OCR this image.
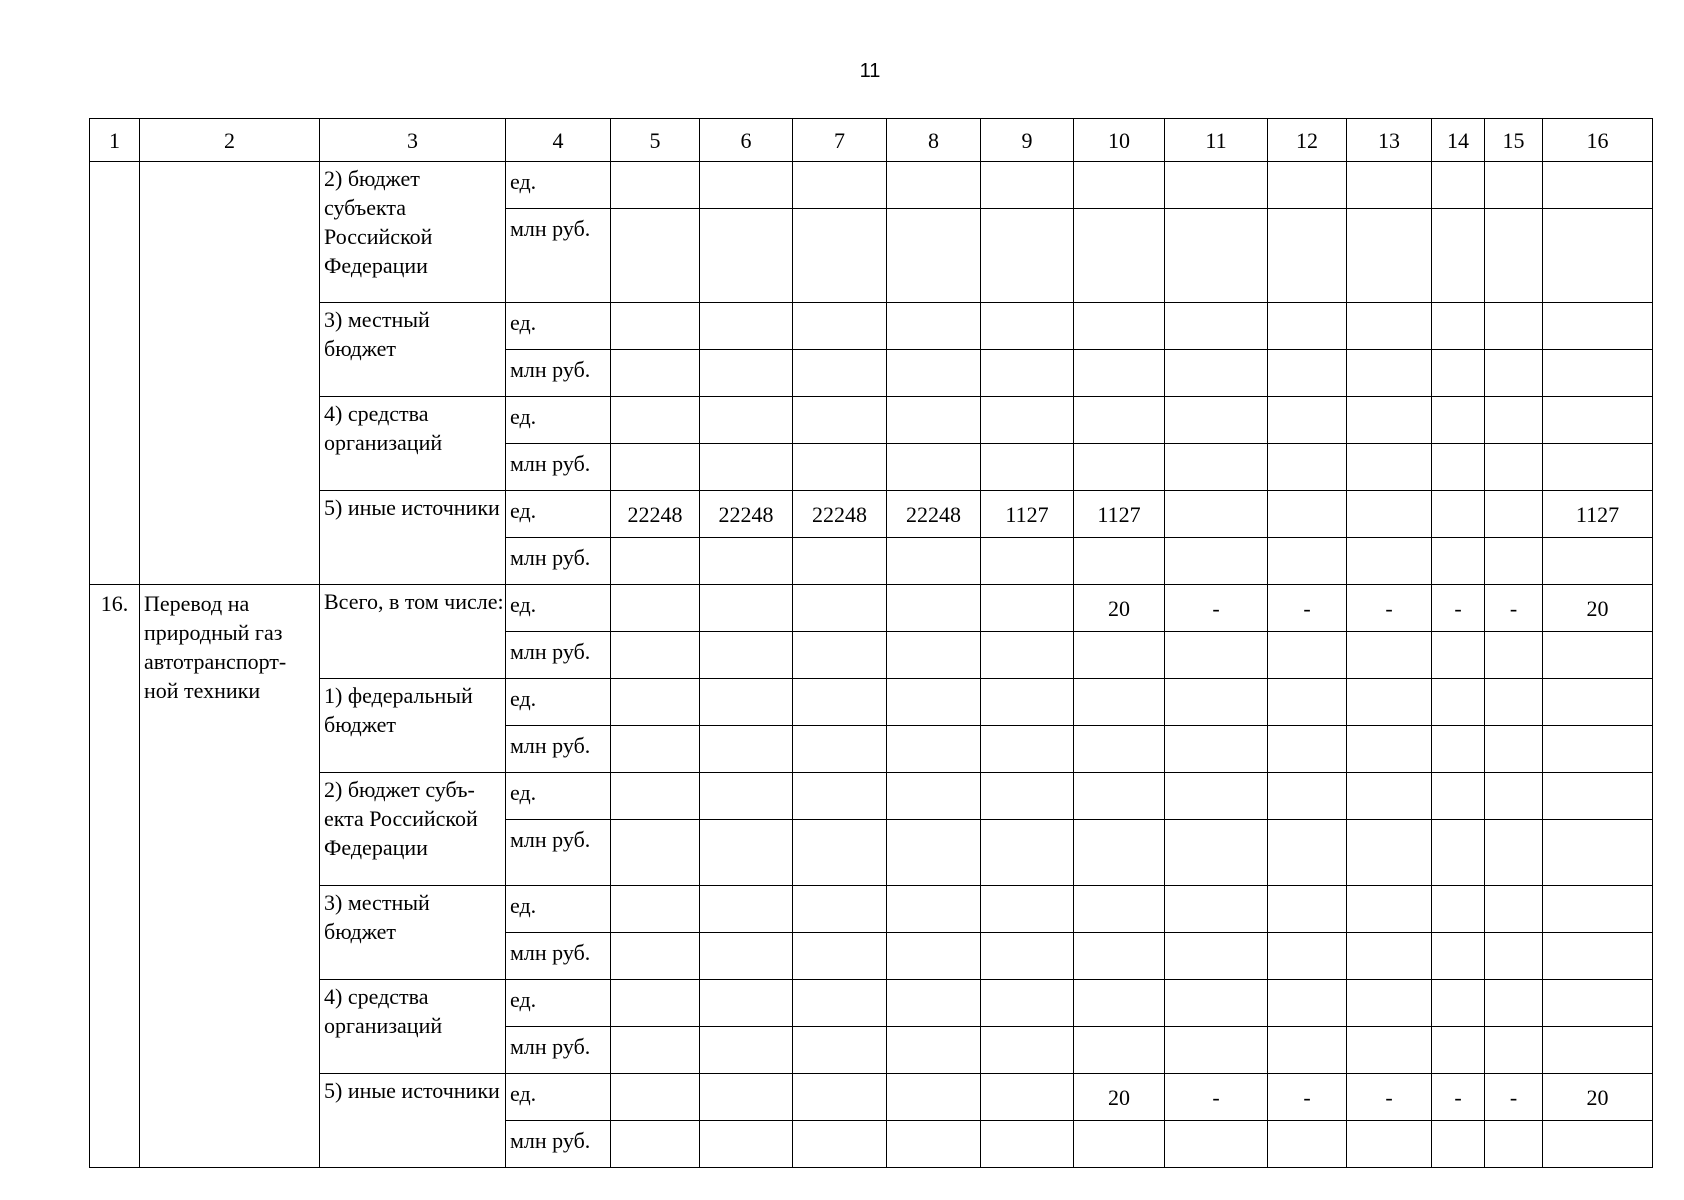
11
1	2	3	4	5	6	7	8	9	10	11	12	13	14	15	16
		2) бюджет субъекта Российской Федерации	ед.												
			млн руб.												
		3) местный бюджет	ед.												
			млн руб.												
		4) средства организаций	ед.												
			млн руб.												
		5) иные источники	ед.	22248	22248	22248	22248	1127	1127						1127
			млн руб.												
16.	Перевод на природный газ автотранспорт-ной техники	Всего, в том числе:	ед.						20	-	-	-	-	-	20
			млн руб.												
		1) федеральный бюджет	ед.												
			млн руб.												
		2) бюджет субъ-екта Российской Федерации	ед.												
			млн руб.												
		3) местный бюджет	ед.												
			млн руб.												
		4) средства организаций	ед.												
			млн руб.												
		5) иные источники	ед.						20	-	-	-	-	-	20
			млн руб.												
